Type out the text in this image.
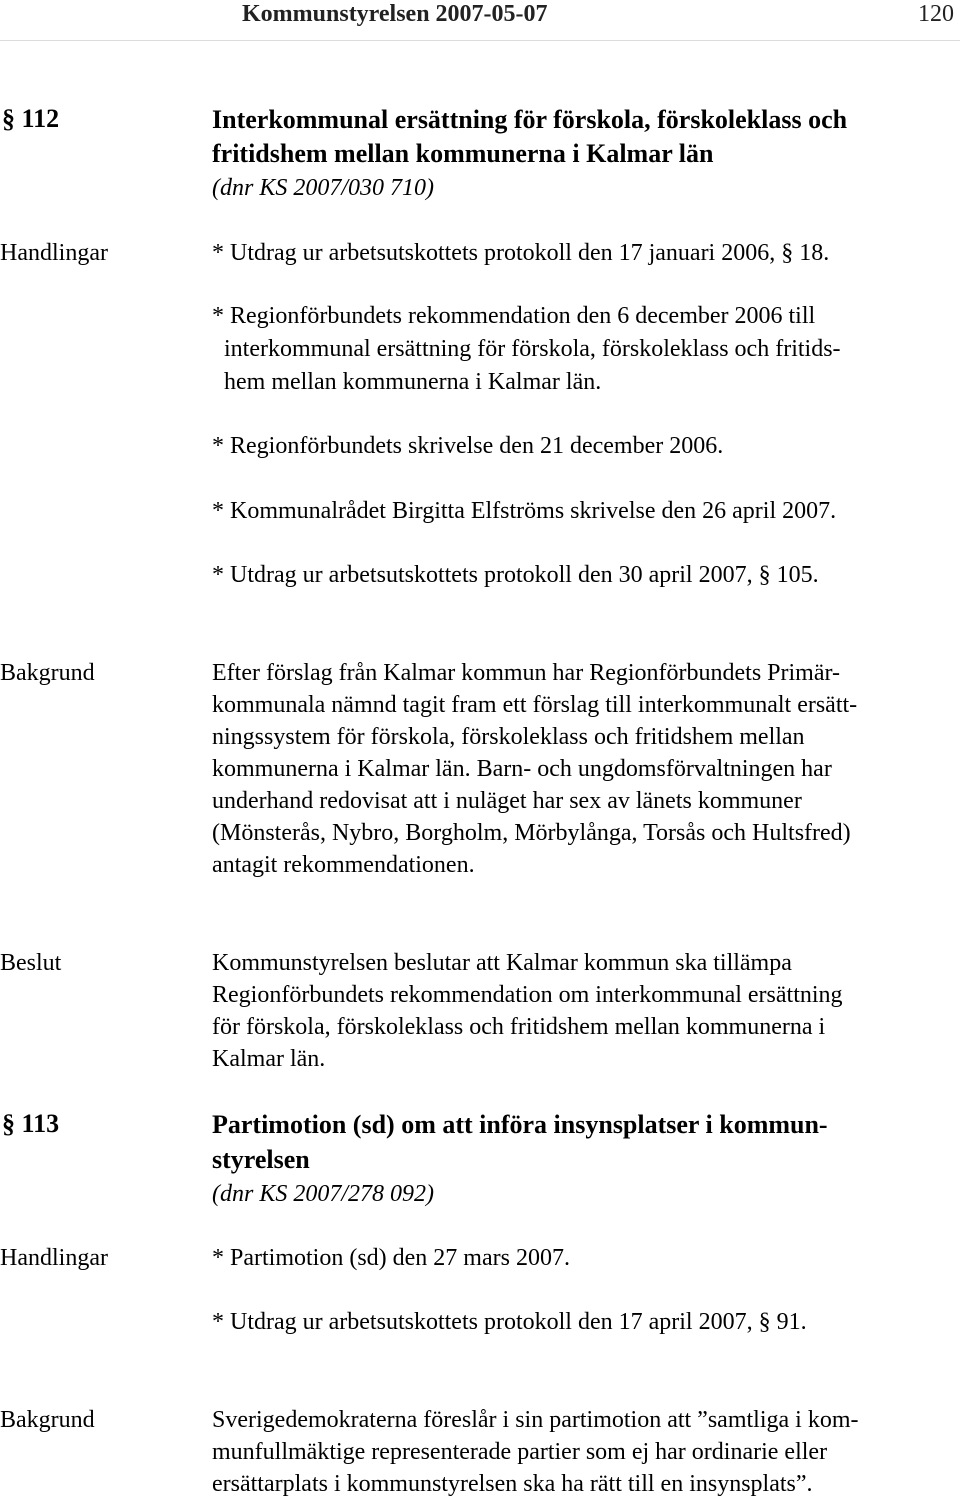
Kommunstyrelsen 2007-05-07	120
§ 112	Interkommunal ersättning för förskola, förskoleklass och
fritidshem mellan kommunerna i Kalmar län
(dnr KS 2007/030 710)
Handlingar	* Utdrag ur arbetsutskottets protokoll den 17 januari 2006, § 18.
* Regionförbundets rekommendation den 6 december 2006 till
interkommunal ersättning för förskola, förskoleklass och fritids-
hem mellan kommunerna i Kalmar län.
* Regionförbundets skrivelse den 21 december 2006.
* Kommunalrådet Birgitta Elfströms skrivelse den 26 april 2007.
* Utdrag ur arbetsutskottets protokoll den 30 april 2007, § 105.
Bakgrund	Efter förslag från Kalmar kommun har Regionförbundets Primär-
kommunala nämnd tagit fram ett förslag till interkommunalt ersätt-
ningssystem för förskola, förskoleklass och fritidshem mellan
kommunerna i Kalmar län. Barn- och ungdomsförvaltningen har
underhand redovisat att i nuläget har sex av länets kommuner
(Mönsterås, Nybro, Borgholm, Mörbylånga, Torsås och Hultsfred)
antagit rekommendationen.
Beslut	Kommunstyrelsen beslutar att Kalmar kommun ska tillämpa
Regionförbundets rekommendation om interkommunal ersättning
för förskola, förskoleklass och fritidshem mellan kommunerna i
Kalmar län.
§ 113	Partimotion (sd) om att införa insynsplatser i kommun-
styrelsen
(dnr KS 2007/278 092)
Handlingar	* Partimotion (sd) den 27 mars 2007.
* Utdrag ur arbetsutskottets protokoll den 17 april 2007, § 91.
Bakgrund	Sverigedemokraterna föreslår i sin partimotion att ”samtliga i kom-
munfullmäktige representerade partier som ej har ordinarie eller
ersättarplats i kommunstyrelsen ska ha rätt till en insynsplats”.
